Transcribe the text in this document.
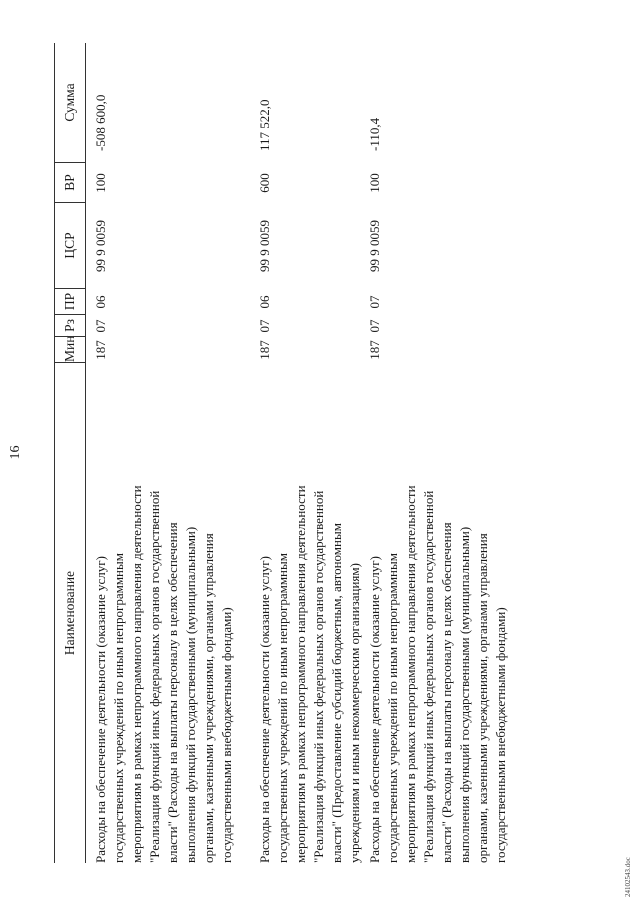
16
Наименование
Мин
Рз
ПР
ЦСР
ВР
Сумма
Расходы на обеспечение деятельности (оказание услуг) государственных учреждений по иным непрограммным мероприятиям в рамках непрограммного направления деятельности "Реализация функций иных федеральных органов государственной власти" (Расходы на выплаты персоналу в целях обеспечения выполнения функций государственными (муниципальными) органами, казенными учреждениями, органами управления государственными внебюджетными фондами)
187
07
06
99 9 0059
100
-508 600,0
Расходы на обеспечение деятельности (оказание услуг) государственных учреждений по иным непрограммным мероприятиям в рамках непрограммного направления деятельности "Реализация функций иных федеральных органов государственной власти" (Предоставление субсидий бюджетным, автономным учреждениям и иным некоммерческим организациям)
187
07
06
99 9 0059
600
117 522,0
Расходы на обеспечение деятельности (оказание услуг) государственных учреждений по иным непрограммным мероприятиям в рамках непрограммного направления деятельности "Реализация функций иных федеральных органов государственной власти" (Расходы на выплаты персоналу в целях обеспечения выполнения функций государственными (муниципальными) органами, казенными учреждениями, органами управления государственными внебюджетными фондами)
187
07
07
99 9 0059
100
-110,4
2410254З.doc
